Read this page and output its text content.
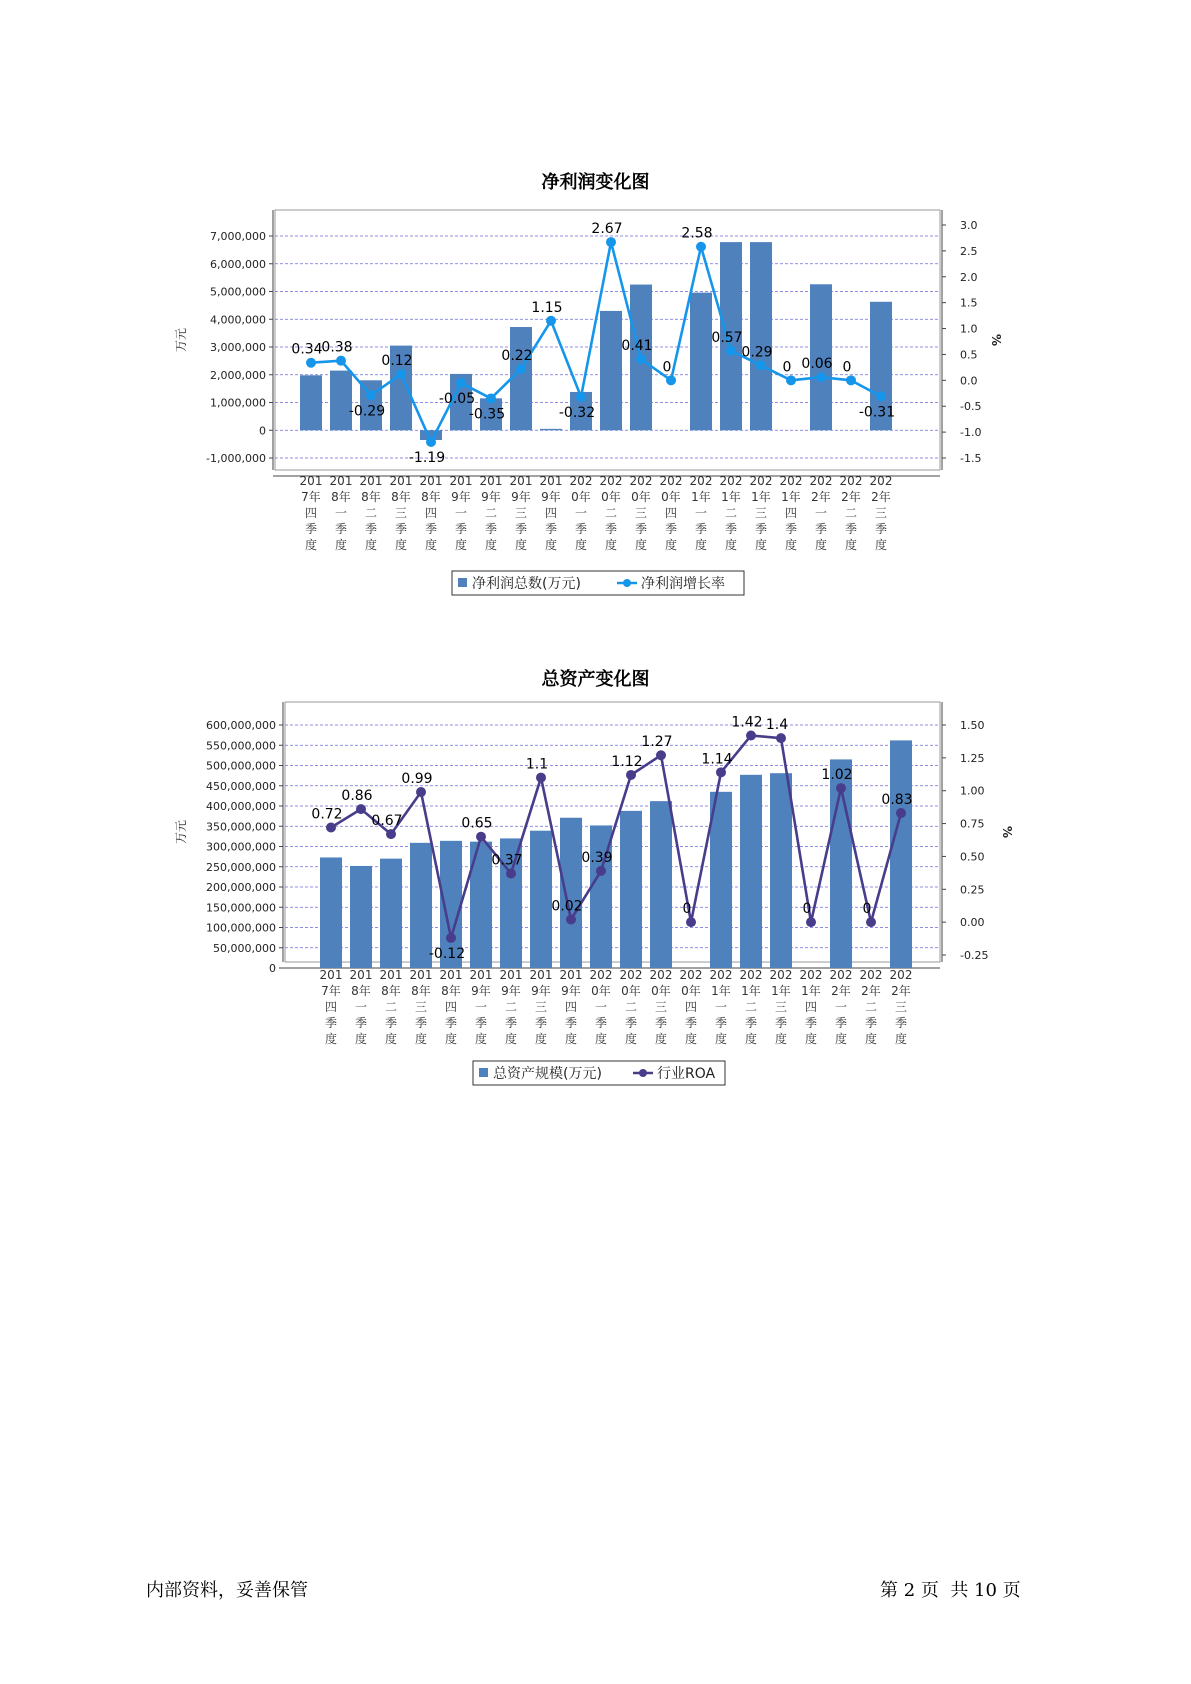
净利润变化图
-1,000,000
0
1,000,000
2,000,000
3,000,000
4,000,000
5,000,000
6,000,000
7,000,000
-1.5
-1.0
-0.5
0.0
0.5
1.0
1.5
2.0
2.5
3.0
万元	%
0.34
0.38
-0.29
0.12
-1.19
-0.05
-0.35
0.22
1.15
-0.32
2.67
0.41
0
2.58
0.57
0.29
0 0.06 0
-0.31
201 7年四季度
201 8年一季度
201 8年二季度
201 8年三季度
201 8年四季度
201 9年一季度
201 9年二季度
201 9年三季度
201 9年四季度
202 0年一季度
202 0年二季度
202 0年三季度
202 0年四季度
202 1年一季度
202 1年二季度
202 1年三季度
202 1年四季度
202 2年一季度
202 2年二季度
202 2年三季度
净利润总数(万元)	净利润增长率
总资产变化图
0
50,000,000
100,000,000
150,000,000
200,000,000
250,000,000
300,000,000
350,000,000
400,000,000
450,000,000
500,000,000
550,000,000
600,000,000
-0.25
0.00
0.25
0.50
0.75
1.00
1.25
1.50
万元	%
0.72
0.86
0.67
0.99
-0.12
0.65
0.37
1.1
0.02
0.39
1.12
1.27
0
1.14
1.42 1.4
0
1.02
0
0.83
201 7年四季度
201 8年一季度
201 8年二季度
201 8年三季度
201 8年四季度
201 9年一季度
201 9年二季度
201 9年三季度
201 9年四季度
202 0年一季度
202 0年二季度
202 0年三季度
202 0年四季度
202 1年一季度
202 1年二季度
202 1年三季度
202 1年四季度
202 2年一季度
202 2年二季度
202 2年三季度
总资产规模(万元)	行业ROA
内部资料，妥善保管	第 2 页  共 10 页
